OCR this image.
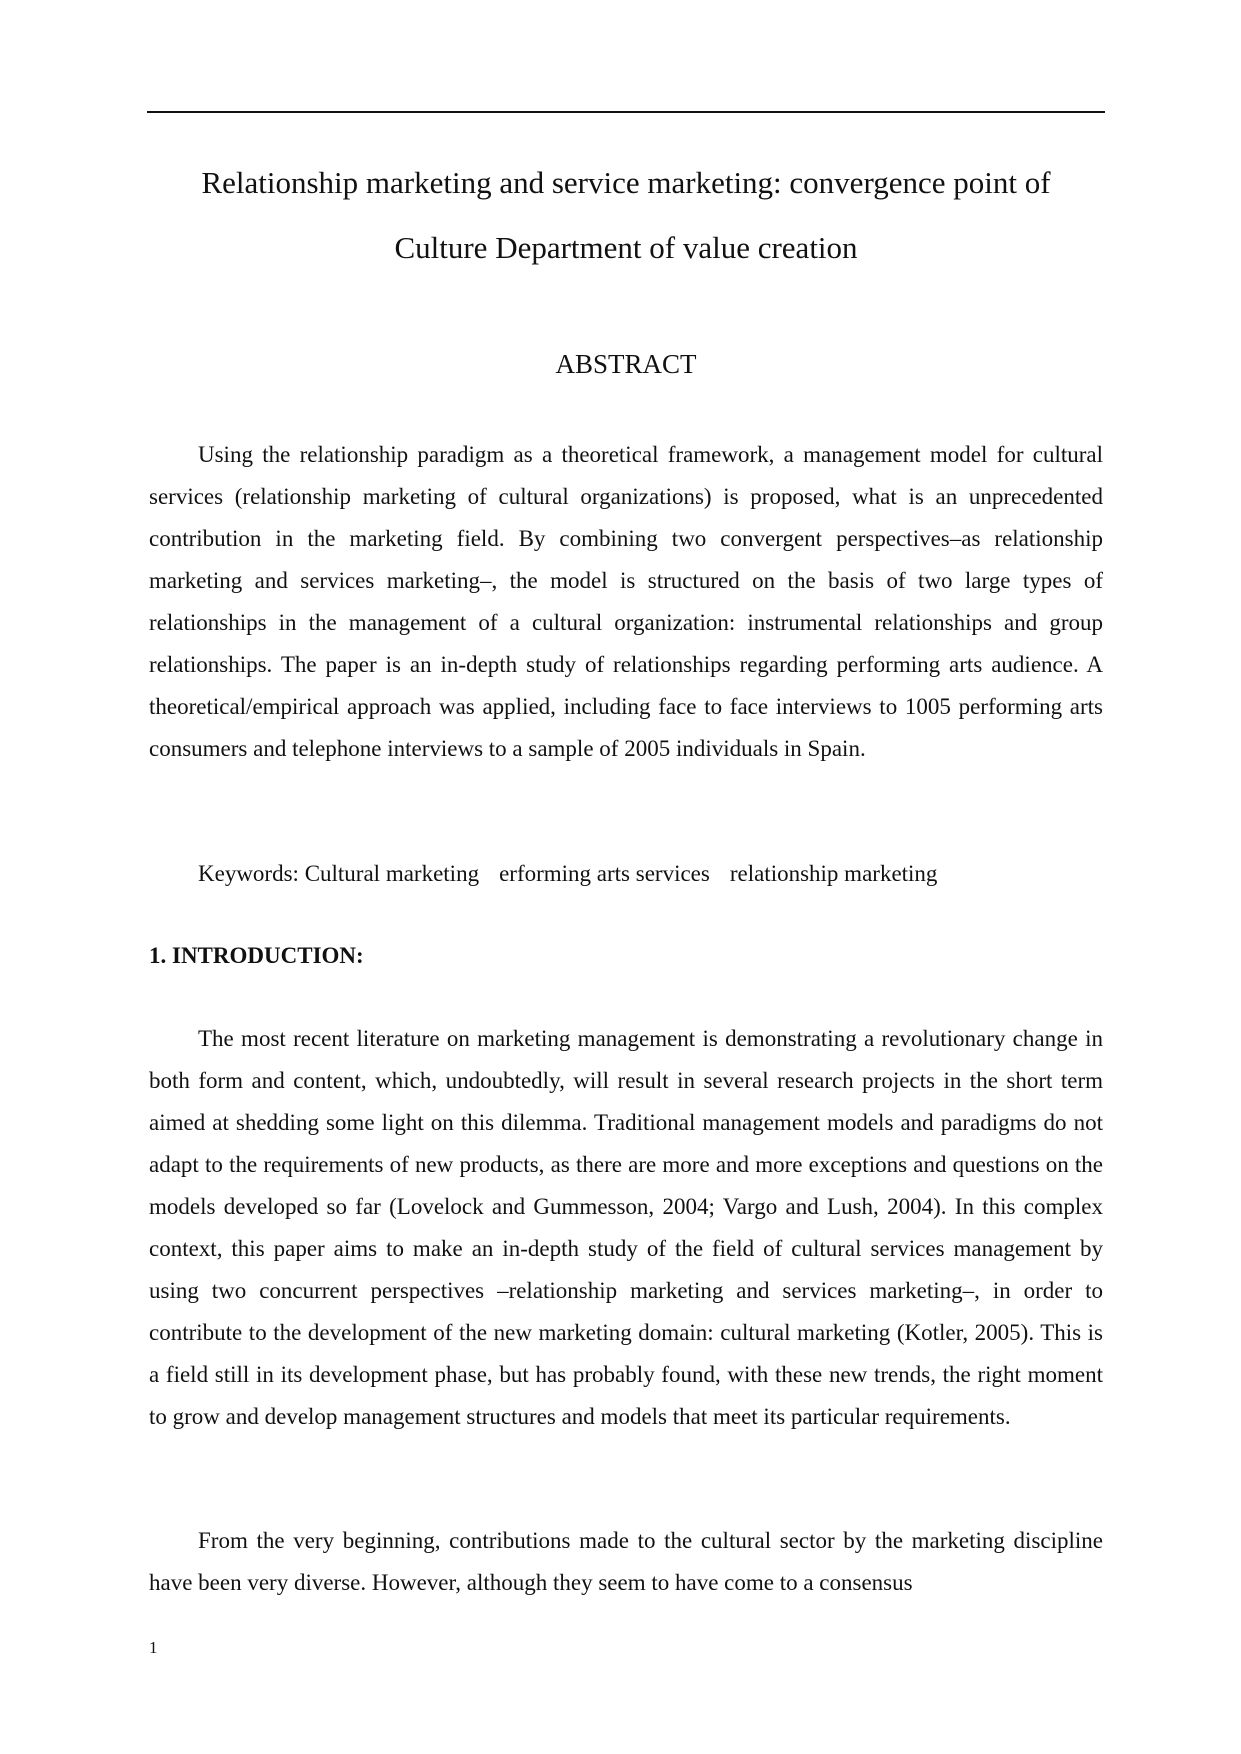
Relationship marketing and service marketing: convergence point of
Culture Department of value creation
ABSTRACT

Using the relationship paradigm as a theoretical framework, a management model for cultural services (relationship marketing of cultural organizations) is proposed, what is an unprecedented contribution in the marketing field. By combining two convergent perspectives–as relationship marketing and services marketing–, the model is structured on the basis of two large types of relationships in the management of a cultural organization: instrumental relationships and group relationships. The paper is an in-depth study of relationships regarding performing arts audience. A theoretical/empirical approach was applied, including face to face interviews to 1005 performing arts consumers and telephone interviews to a sample of 2005 individuals in Spain.

Keywords: Cultural marketing erforming arts services relationship marketing

1. INTRODUCTION:

The most recent literature on marketing management is demonstrating a revolutionary change in both form and content, which, undoubtedly, will result in several research projects in the short term aimed at shedding some light on this dilemma. Traditional management models and paradigms do not adapt to the requirements of new products, as there are more and more exceptions and questions on the models developed so far (Lovelock and Gummesson, 2004; Vargo and Lush, 2004). In this complex context, this paper aims to make an in-depth study of the field of cultural services management by using two concurrent perspectives –relationship marketing and services marketing–, in order to contribute to the development of the new marketing domain: cultural marketing (Kotler, 2005). This is a field still in its development phase, but has probably found, with these new trends, the right moment to grow and develop management structures and models that meet its particular requirements.

From the very beginning, contributions made to the cultural sector by the marketing discipline have been very diverse. However, although they seem to have come to a consensus

1
